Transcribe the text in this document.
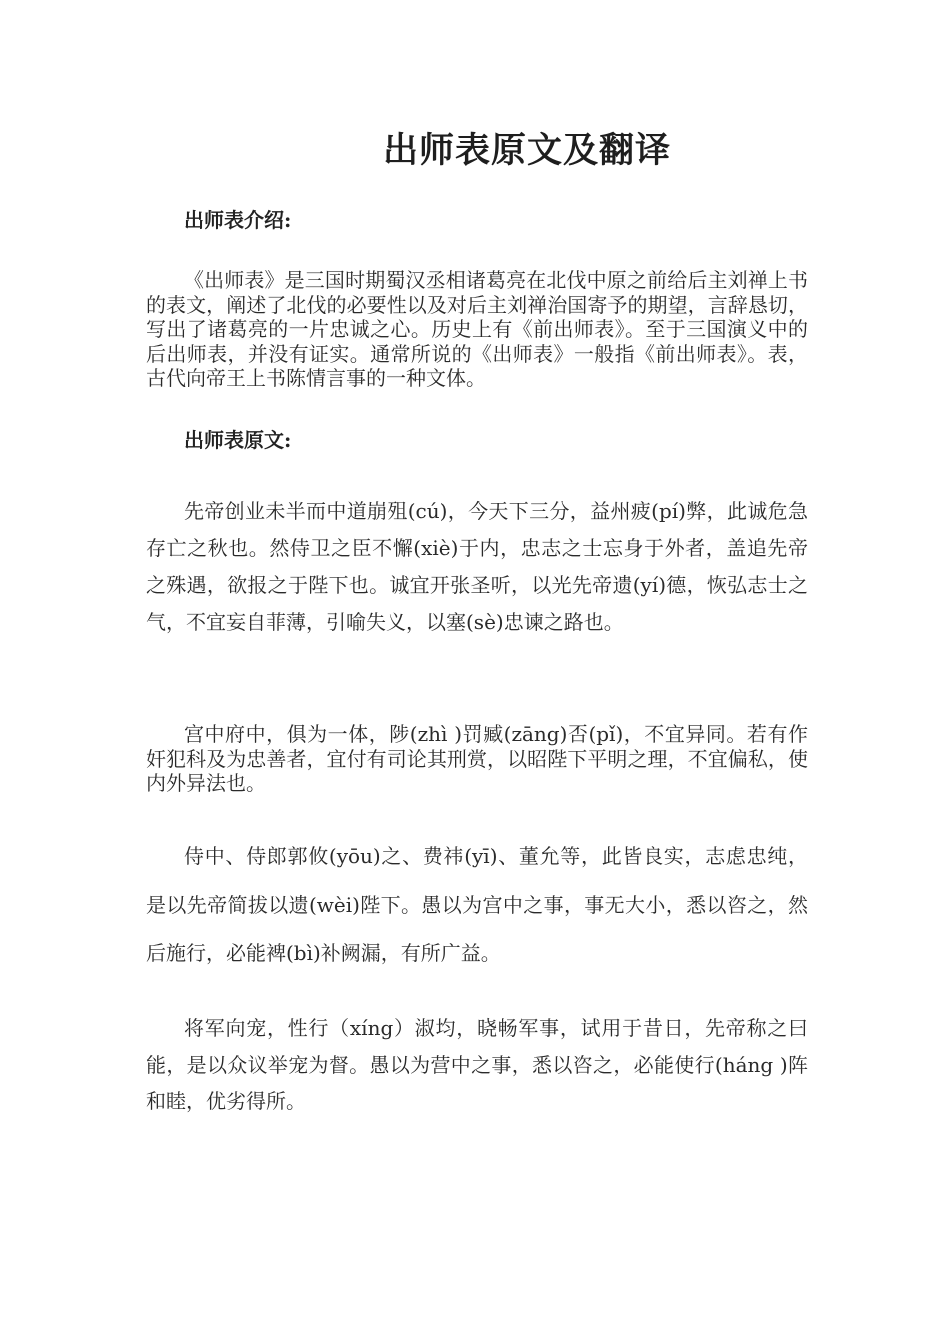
出师表原文及翻译
出师表介绍:
《出师表》是三国时期蜀汉丞相诸葛亮在北伐中原之前给后主刘禅上书的表文，阐述了北伐的必要性以及对后主刘禅治国寄予的期望，言辞恳切，写出了诸葛亮的一片忠诚之心。历史上有《前出师表》。至于三国演义中的后出师表，并没有证实。通常所说的《出师表》一般指《前出师表》。表，古代向帝王上书陈情言事的一种文体。
出师表原文:
先帝创业未半而中道崩殂(cú)，今天下三分，益州疲(pí)弊，此诚危急存亡之秋也。然侍卫之臣不懈(xiè)于内，忠志之士忘身于外者，盖追先帝之殊遇，欲报之于陛下也。诚宜开张圣听，以光先帝遗(yí)德，恢弘志士之气，不宜妄自菲薄，引喻失义，以塞(sè)忠谏之路也。
宫中府中，俱为一体，陟(zhì )罚臧(zāng)否(pǐ)，不宜异同。若有作奸犯科及为忠善者，宜付有司论其刑赏，以昭陛下平明之理，不宜偏私，使内外异法也。
侍中、侍郎郭攸(yōu)之、费祎(yī)、董允等，此皆良实，志虑忠纯，是以先帝简拔以遗(wèi)陛下。愚以为宫中之事，事无大小，悉以咨之，然后施行，必能裨(bì)补阙漏，有所广益。
将军向宠，性行（xíng）淑均，晓畅军事，试用于昔日，先帝称之曰能，是以众议举宠为督。愚以为营中之事，悉以咨之，必能使行(háng )阵和睦，优劣得所。
